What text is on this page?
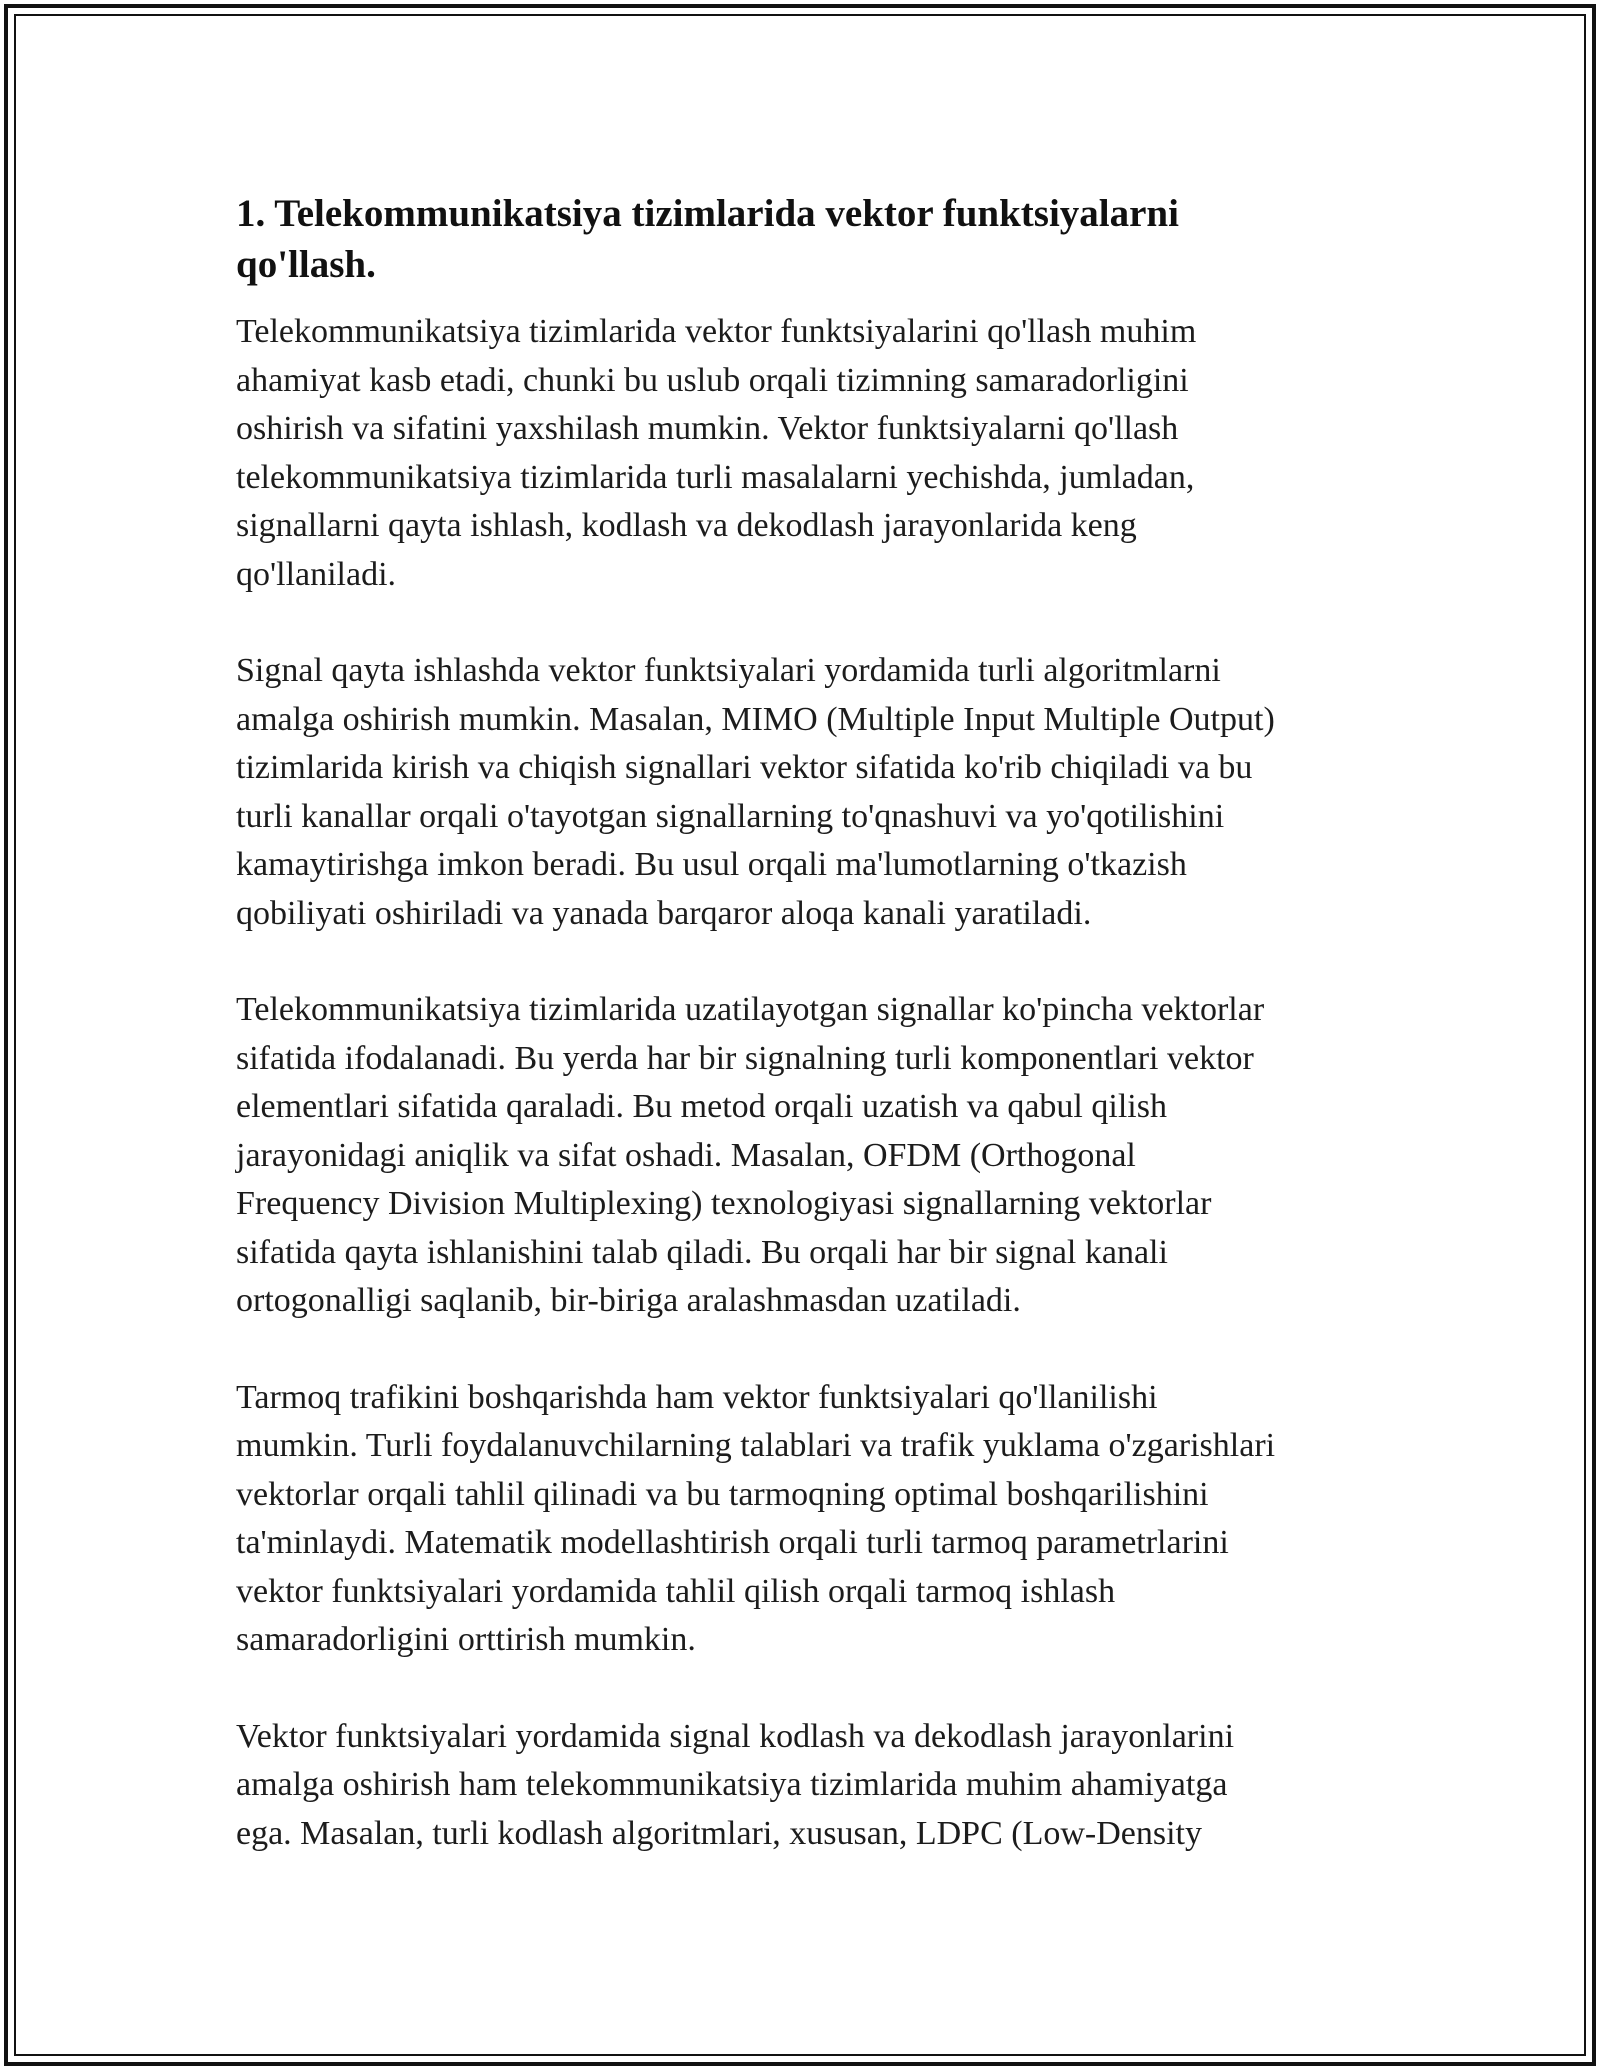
1. Telekommunikatsiya tizimlarida vektor funktsiyalarni
qo'llash.

Telekommunikatsiya tizimlarida vektor funktsiyalarini qo'llash muhim
ahamiyat kasb etadi, chunki bu uslub orqali tizimning samaradorligini
oshirish va sifatini yaxshilash mumkin. Vektor funktsiyalarni qo'llash
telekommunikatsiya tizimlarida turli masalalarni yechishda, jumladan,
signallarni qayta ishlash, kodlash va dekodlash jarayonlarida keng
qo'llaniladi.

Signal qayta ishlashda vektor funktsiyalari yordamida turli algoritmlarni
amalga oshirish mumkin. Masalan, MIMO (Multiple Input Multiple Output)
tizimlarida kirish va chiqish signallari vektor sifatida ko'rib chiqiladi va bu
turli kanallar orqali o'tayotgan signallarning to'qnashuvi va yo'qotilishini
kamaytirishga imkon beradi. Bu usul orqali ma'lumotlarning o'tkazish
qobiliyati oshiriladi va yanada barqaror aloqa kanali yaratiladi.

Telekommunikatsiya tizimlarida uzatilayotgan signallar ko'pincha vektorlar
sifatida ifodalanadi. Bu yerda har bir signalning turli komponentlari vektor
elementlari sifatida qaraladi. Bu metod orqali uzatish va qabul qilish
jarayonidagi aniqlik va sifat oshadi. Masalan, OFDM (Orthogonal
Frequency Division Multiplexing) texnologiyasi signallarning vektorlar
sifatida qayta ishlanishini talab qiladi. Bu orqali har bir signal kanali
ortogonalligi saqlanib, bir-biriga aralashmasdan uzatiladi.

Tarmoq trafikini boshqarishda ham vektor funktsiyalari qo'llanilishi
mumkin. Turli foydalanuvchilarning talablari va trafik yuklama o'zgarishlari
vektorlar orqali tahlil qilinadi va bu tarmoqning optimal boshqarilishini
ta'minlaydi. Matematik modellashtirish orqali turli tarmoq parametrlarini
vektor funktsiyalari yordamida tahlil qilish orqali tarmoq ishlash
samaradorligini orttirish mumkin.

Vektor funktsiyalari yordamida signal kodlash va dekodlash jarayonlarini
amalga oshirish ham telekommunikatsiya tizimlarida muhim ahamiyatga
ega. Masalan, turli kodlash algoritmlari, xususan, LDPC (Low-Density
